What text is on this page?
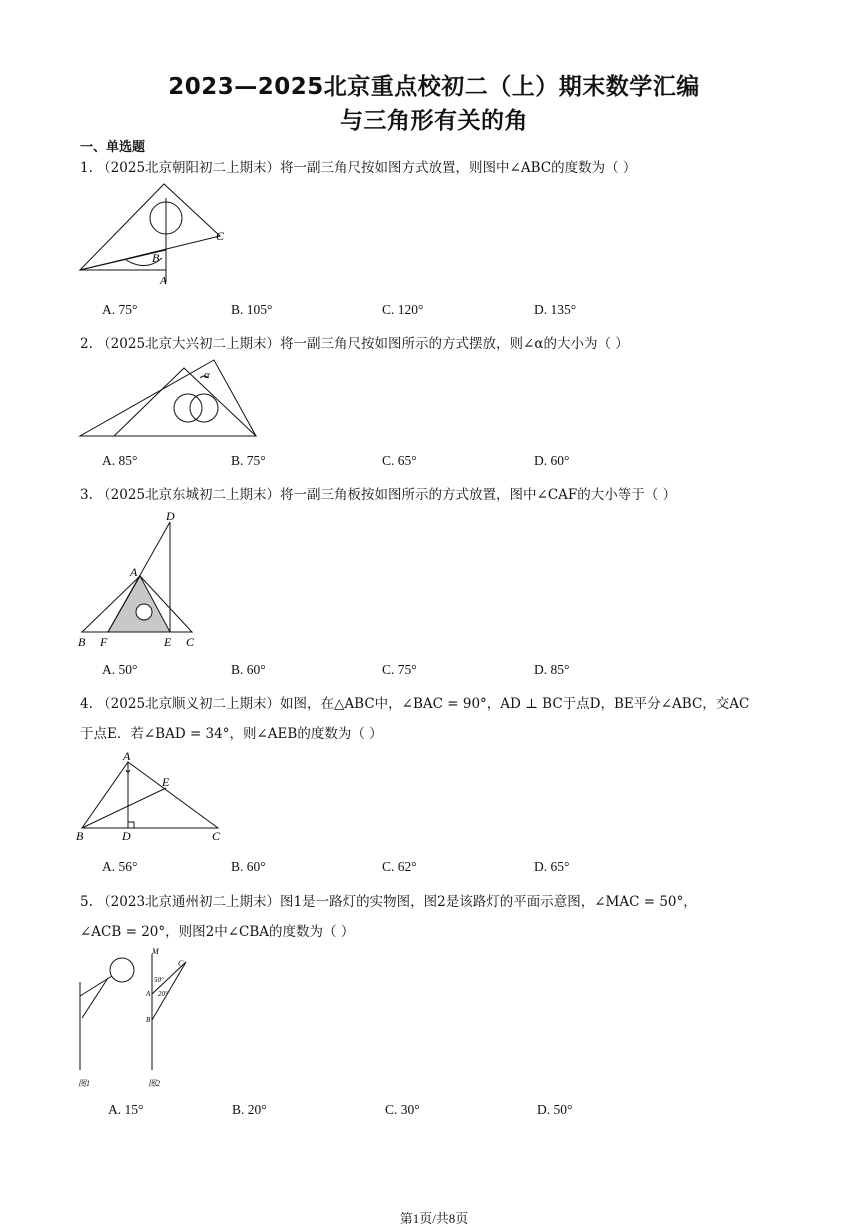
2023—2025北京重点校初二（上）期末数学汇编
与三角形有关的角
一、单选题
1. （2025北京朝阳初二上期末）将一副三角尺按如图方式放置，则图中∠ABC的度数为（ ）
C
B
A
A. 75°	B. 105°	C. 120°	D. 135°
2. （2025北京大兴初二上期末）将一副三角尺按如图所示的方式摆放，则∠α的大小为（ ）
α
A. 85°	B. 75°	C. 65°	D. 60°
3. （2025北京东城初二上期末）将一副三角板按如图所示的方式放置，图中∠CAF的大小等于（ ）
D
A
B F	E C
A. 50°	B. 60°	C. 75°	D. 85°
4. （2025北京顺义初二上期末）如图，在△ABC中，∠BAC = 90°，AD ⊥ BC于点D，BE平分∠ABC，交AC
于点E．若∠BAD = 34°，则∠AEB的度数为（ ）
A
E
B	D	C
A. 56°	B. 60°	C. 62°	D. 65°
5. （2023北京通州初二上期末）图1是一路灯的实物图，图2是该路灯的平面示意图，∠MAC = 50°，
∠ACB = 20°，则图2中∠CBA的度数为（ ）
M
C
50°
A 20°
B
图1	图2
A. 15°	B. 20°	C. 30°	D. 50°
第1页/共8页
